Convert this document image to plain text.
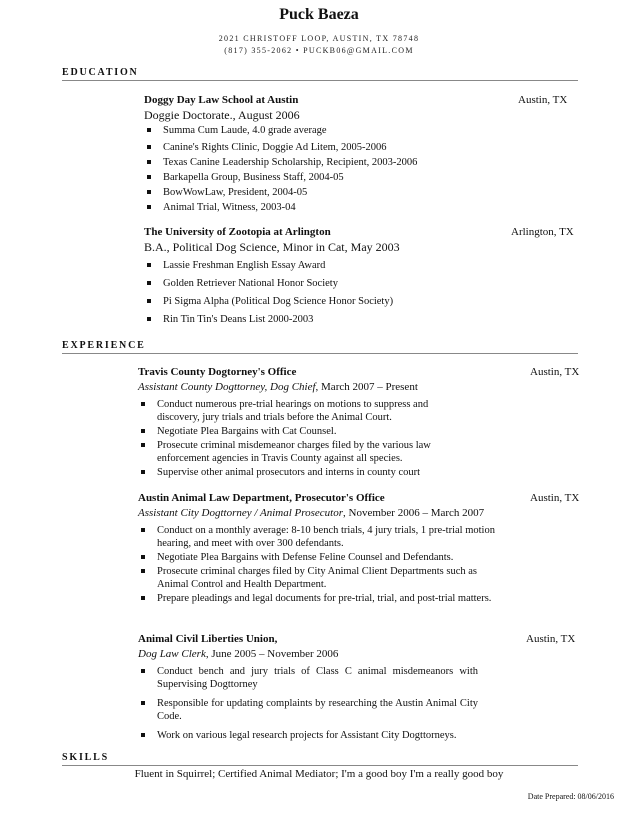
Puck Baeza
2021 CHRISTOFF LOOP, AUSTIN, TX 78748
(817) 355-2062 • PUCKB06@GMAIL.COM
EDUCATION
Doggy Day Law School at Austin	Austin, TX
Doggie Doctorate., August 2006
Summa Cum Laude, 4.0 grade average
Canine's Rights Clinic, Doggie Ad Litem, 2005-2006
Texas Canine Leadership Scholarship, Recipient, 2003-2006
Barkapella Group, Business Staff, 2004-05
BowWowLaw, President, 2004-05
Animal Trial, Witness, 2003-04
The University of Zootopia at Arlington	Arlington, TX
B.A., Political Dog Science, Minor in Cat, May 2003
Lassie Freshman English Essay Award
Golden Retriever National Honor Society
Pi Sigma Alpha (Political Dog Science Honor Society)
Rin Tin Tin's Deans List 2000-2003
EXPERIENCE
Travis County Dogtorney's Office	Austin, TX
Assistant County Dogttorney, Dog Chief, March 2007 – Present
Conduct numerous pre-trial hearings on motions to suppress and discovery, jury trials and trials before the Animal Court.
Negotiate Plea Bargains with Cat Counsel.
Prosecute criminal misdemeanor charges filed by the various law enforcement agencies in Travis County against all species.
Supervise other animal prosecutors and interns in county court
Austin Animal Law Department, Prosecutor's Office	Austin, TX
Assistant City Dogttorney / Animal Prosecutor, November 2006 – March 2007
Conduct on a monthly average: 8-10 bench trials, 4 jury trials, 1 pre-trial motion hearing, and meet with over 300 defendants.
Negotiate Plea Bargains with Defense Feline Counsel and Defendants.
Prosecute criminal charges filed by City Animal Client Departments such as Animal Control and Health Department.
Prepare pleadings and legal documents for pre-trial, trial, and post-trial matters.
Animal Civil Liberties Union,	Austin, TX
Dog Law Clerk, June 2005 – November 2006
Conduct bench and jury trials of Class C animal misdemeanors with Supervising Dogttorney
Responsible for updating complaints by researching the Austin Animal City Code.
Work on various legal research projects for Assistant City Dogttorneys.
SKILLS
Fluent in Squirrel; Certified Animal Mediator; I'm a good boy I'm a really good boy
Date Prepared: 08/06/2016
